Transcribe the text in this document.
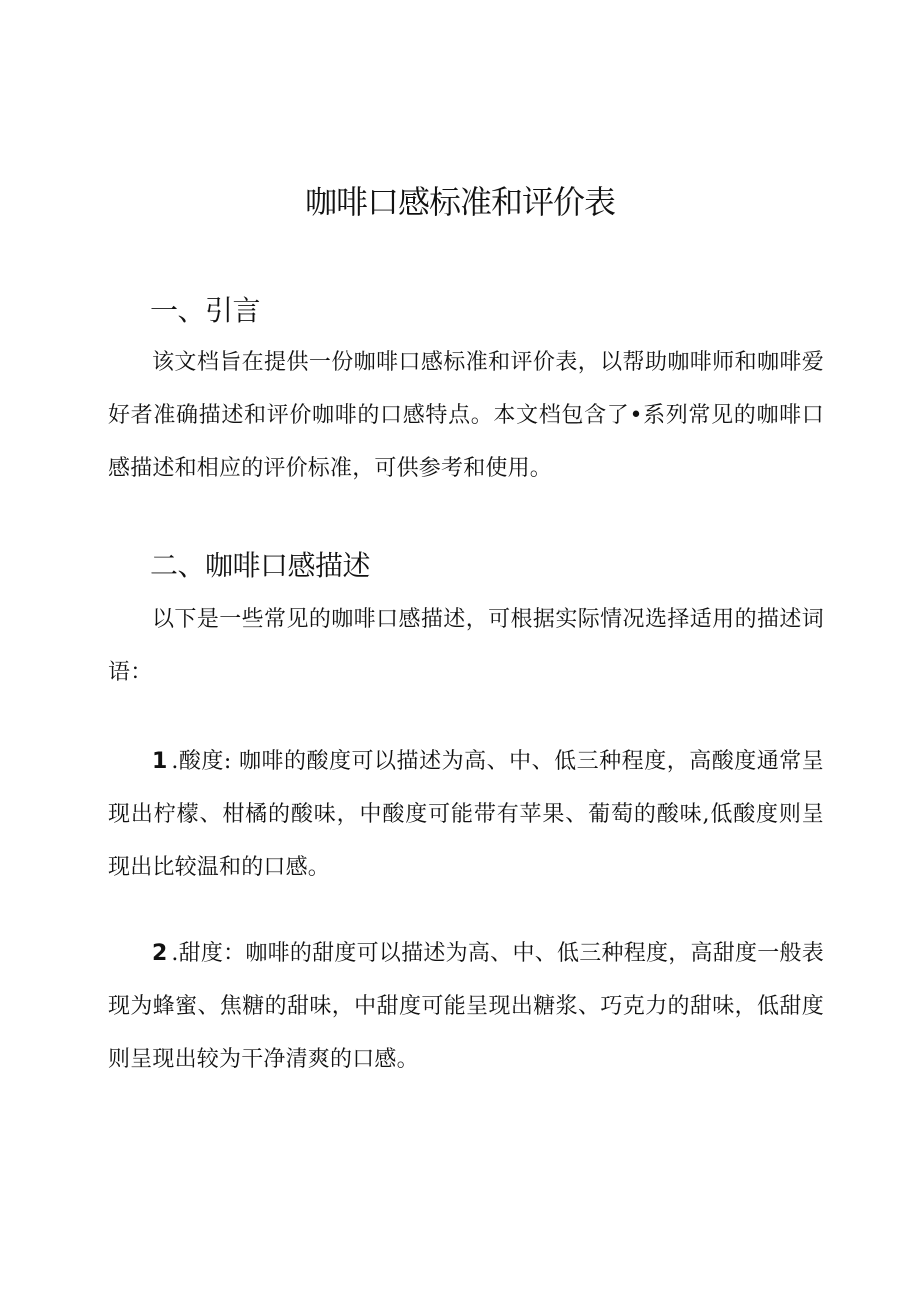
咖啡口感标准和评价表
一、引言

该文档旨在提供一份咖啡口感标准和评价表，以帮助咖啡师和咖啡爱好者准确描述和评价咖啡的口感特点。本文档包含了•系列常见的咖啡口感描述和相应的评价标准，可供参考和使用。

二、咖啡口感描述

以下是一些常见的咖啡口感描述，可根据实际情况选择适用的描述词语：

1.酸度: 咖啡的酸度可以描述为高、中、低三种程度，高酸度通常呈现出柠檬、柑橘的酸味，中酸度可能带有苹果、葡萄的酸味,低酸度则呈现出比较温和的口感。

2.甜度：咖啡的甜度可以描述为高、中、低三种程度，高甜度一般表现为蜂蜜、焦糖的甜味，中甜度可能呈现出糖浆、巧克力的甜味，低甜度则呈现出较为干净清爽的口感。
